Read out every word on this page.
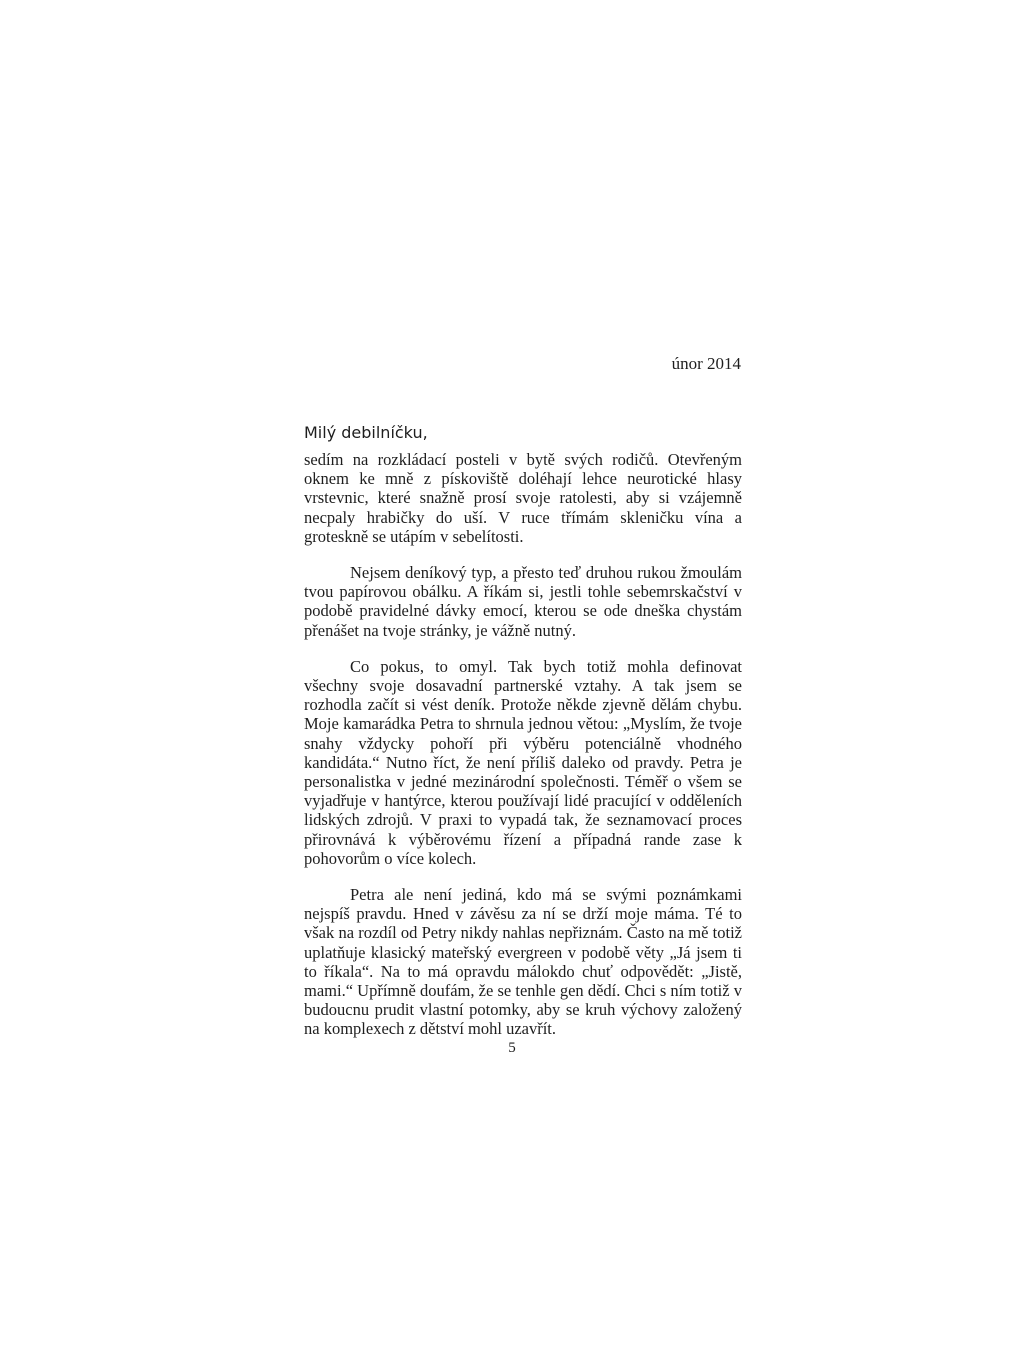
únor 2014
Milý debilníčku,

sedím na rozkládací posteli v bytě svých rodičů. Otevřeným oknem ke mně z pískoviště doléhají lehce neurotické hlasy vrstevnic, které snažně prosí svoje ratolesti, aby si vzájemně necpaly hrabičky do uší. V ruce třímám skleničku vína a groteskně se utápím v sebelítosti.

Nejsem deníkový typ, a přesto teď druhou rukou žmoulám tvou papírovou obálku. A říkám si, jestli tohle sebemrskačství v podobě pravidelné dávky emocí, kterou se ode dneška chystám přenášet na tvoje stránky, je vážně nutný.

Co pokus, to omyl. Tak bych totiž mohla definovat všechny svoje dosavadní partnerské vztahy. A tak jsem se rozhodla začít si vést deník. Protože někde zjevně dělám chybu. Moje kamarádka Petra to shrnula jednou větou: „Myslím, že tvoje snahy vždycky pohoří při výběru potenciálně vhodného kandidáta.“ Nutno říct, že není příliš daleko od pravdy. Petra je personalistka v jedné mezinárodní společnosti. Téměř o všem se vyjadřuje v hantýrce, kterou používají lidé pracující v odděleních lidských zdrojů. V praxi to vypadá tak, že seznamovací proces přirovnává k výběrovému řízení a případná rande zase k pohovorům o více kolech.

Petra ale není jediná, kdo má se svými poznámkami nejspíš pravdu. Hned v závěsu za ní se drží moje máma. Té to však na rozdíl od Petry nikdy nahlas nepřiznám. Často na mě totiž uplatňuje klasický mateřský evergreen v podobě věty „Já jsem ti to říkala“. Na to má opravdu málokdo chuť odpovědět: „Jistě, mami.“ Upřímně doufám, že se tenhle gen dědí. Chci s ním totiž v budoucnu prudit vlastní potomky, aby se kruh výchovy založený na komplexech z dětství mohl uzavřít.

5
